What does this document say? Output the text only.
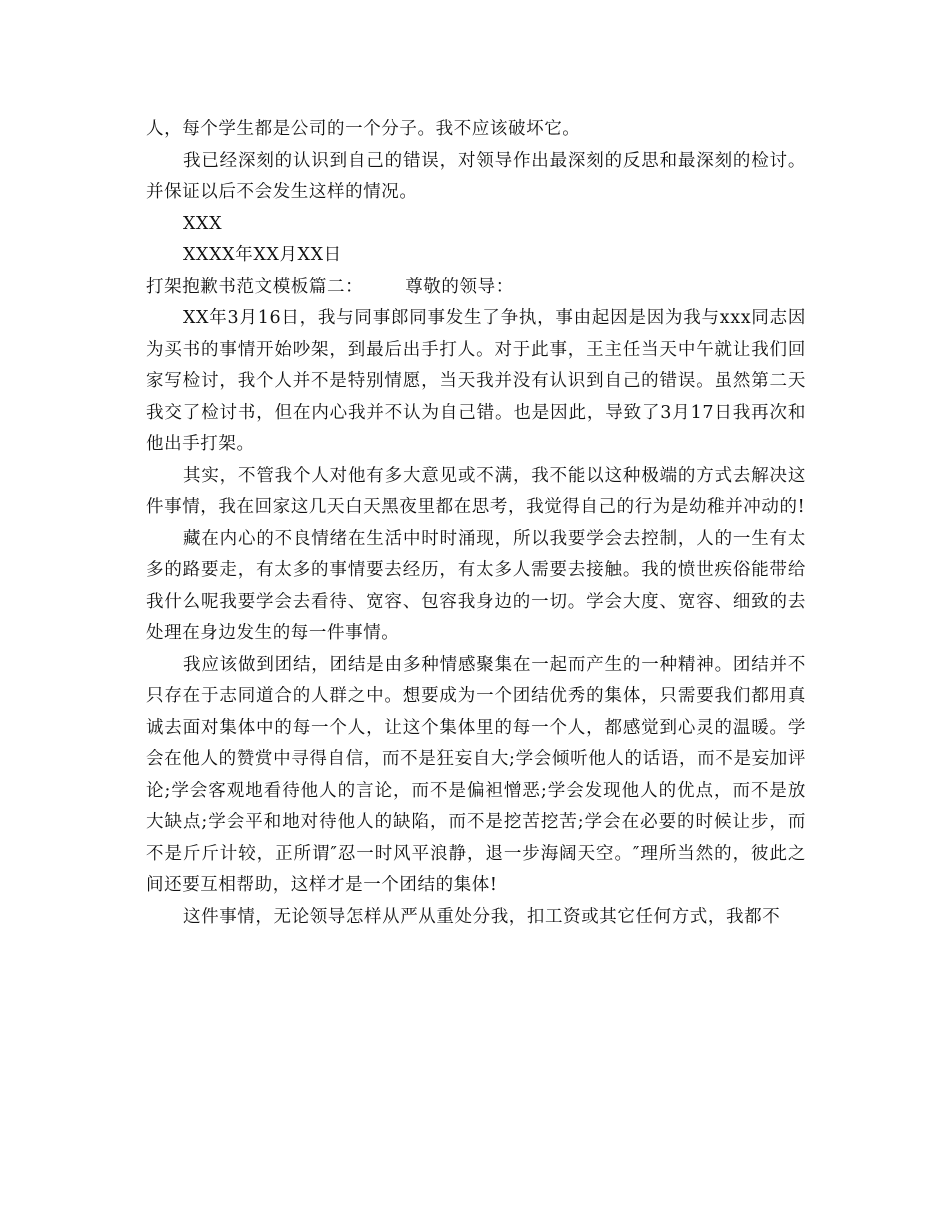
人，每个学生都是公司的一个分子。我不应该破坏它。

我已经深刻的认识到自己的错误，对领导作出最深刻的反思和最深刻的检讨。并保证以后不会发生这样的情况。

XXX

XXXX年XX月XX日

打架抱歉书范文模板篇二： 尊敬的领导：

XX年3月16日，我与同事郎同事发生了争执，事由起因是因为我与xxx同志因为买书的事情开始吵架，到最后出手打人。对于此事，王主任当天中午就让我们回家写检讨，我个人并不是特别情愿，当天我并没有认识到自己的错误。虽然第二天我交了检讨书，但在内心我并不认为自己错。也是因此，导致了3月17日我再次和他出手打架。

其实，不管我个人对他有多大意见或不满，我不能以这种极端的方式去解决这件事情，我在回家这几天白天黑夜里都在思考，我觉得自己的行为是幼稚并冲动的!

藏在内心的不良情绪在生活中时时涌现，所以我要学会去控制，人的一生有太多的路要走，有太多的事情要去经历，有太多人需要去接触。我的愤世疾俗能带给我什么呢我要学会去看待、宽容、包容我身边的一切。学会大度、宽容、细致的去处理在身边发生的每一件事情。

我应该做到团结，团结是由多种情感聚集在一起而产生的一种精神。团结并不只存在于志同道合的人群之中。想要成为一个团结优秀的集体，只需要我们都用真诚去面对集体中的每一个人，让这个集体里的每一个人，都感觉到心灵的温暖。学会在他人的赞赏中寻得自信，而不是狂妄自大;学会倾听他人的话语，而不是妄加评论;学会客观地看待他人的言论，而不是偏袒憎恶;学会发现他人的优点，而不是放大缺点;学会平和地对待他人的缺陷，而不是挖苦挖苦;学会在必要的时候让步，而不是斤斤计较，正所谓″忍一时风平浪静，退一步海阔天空。″理所当然的，彼此之间还要互相帮助，这样才是一个团结的集体!

这件事情，无论领导怎样从严从重处分我，扣工资或其它任何方式，我都不
